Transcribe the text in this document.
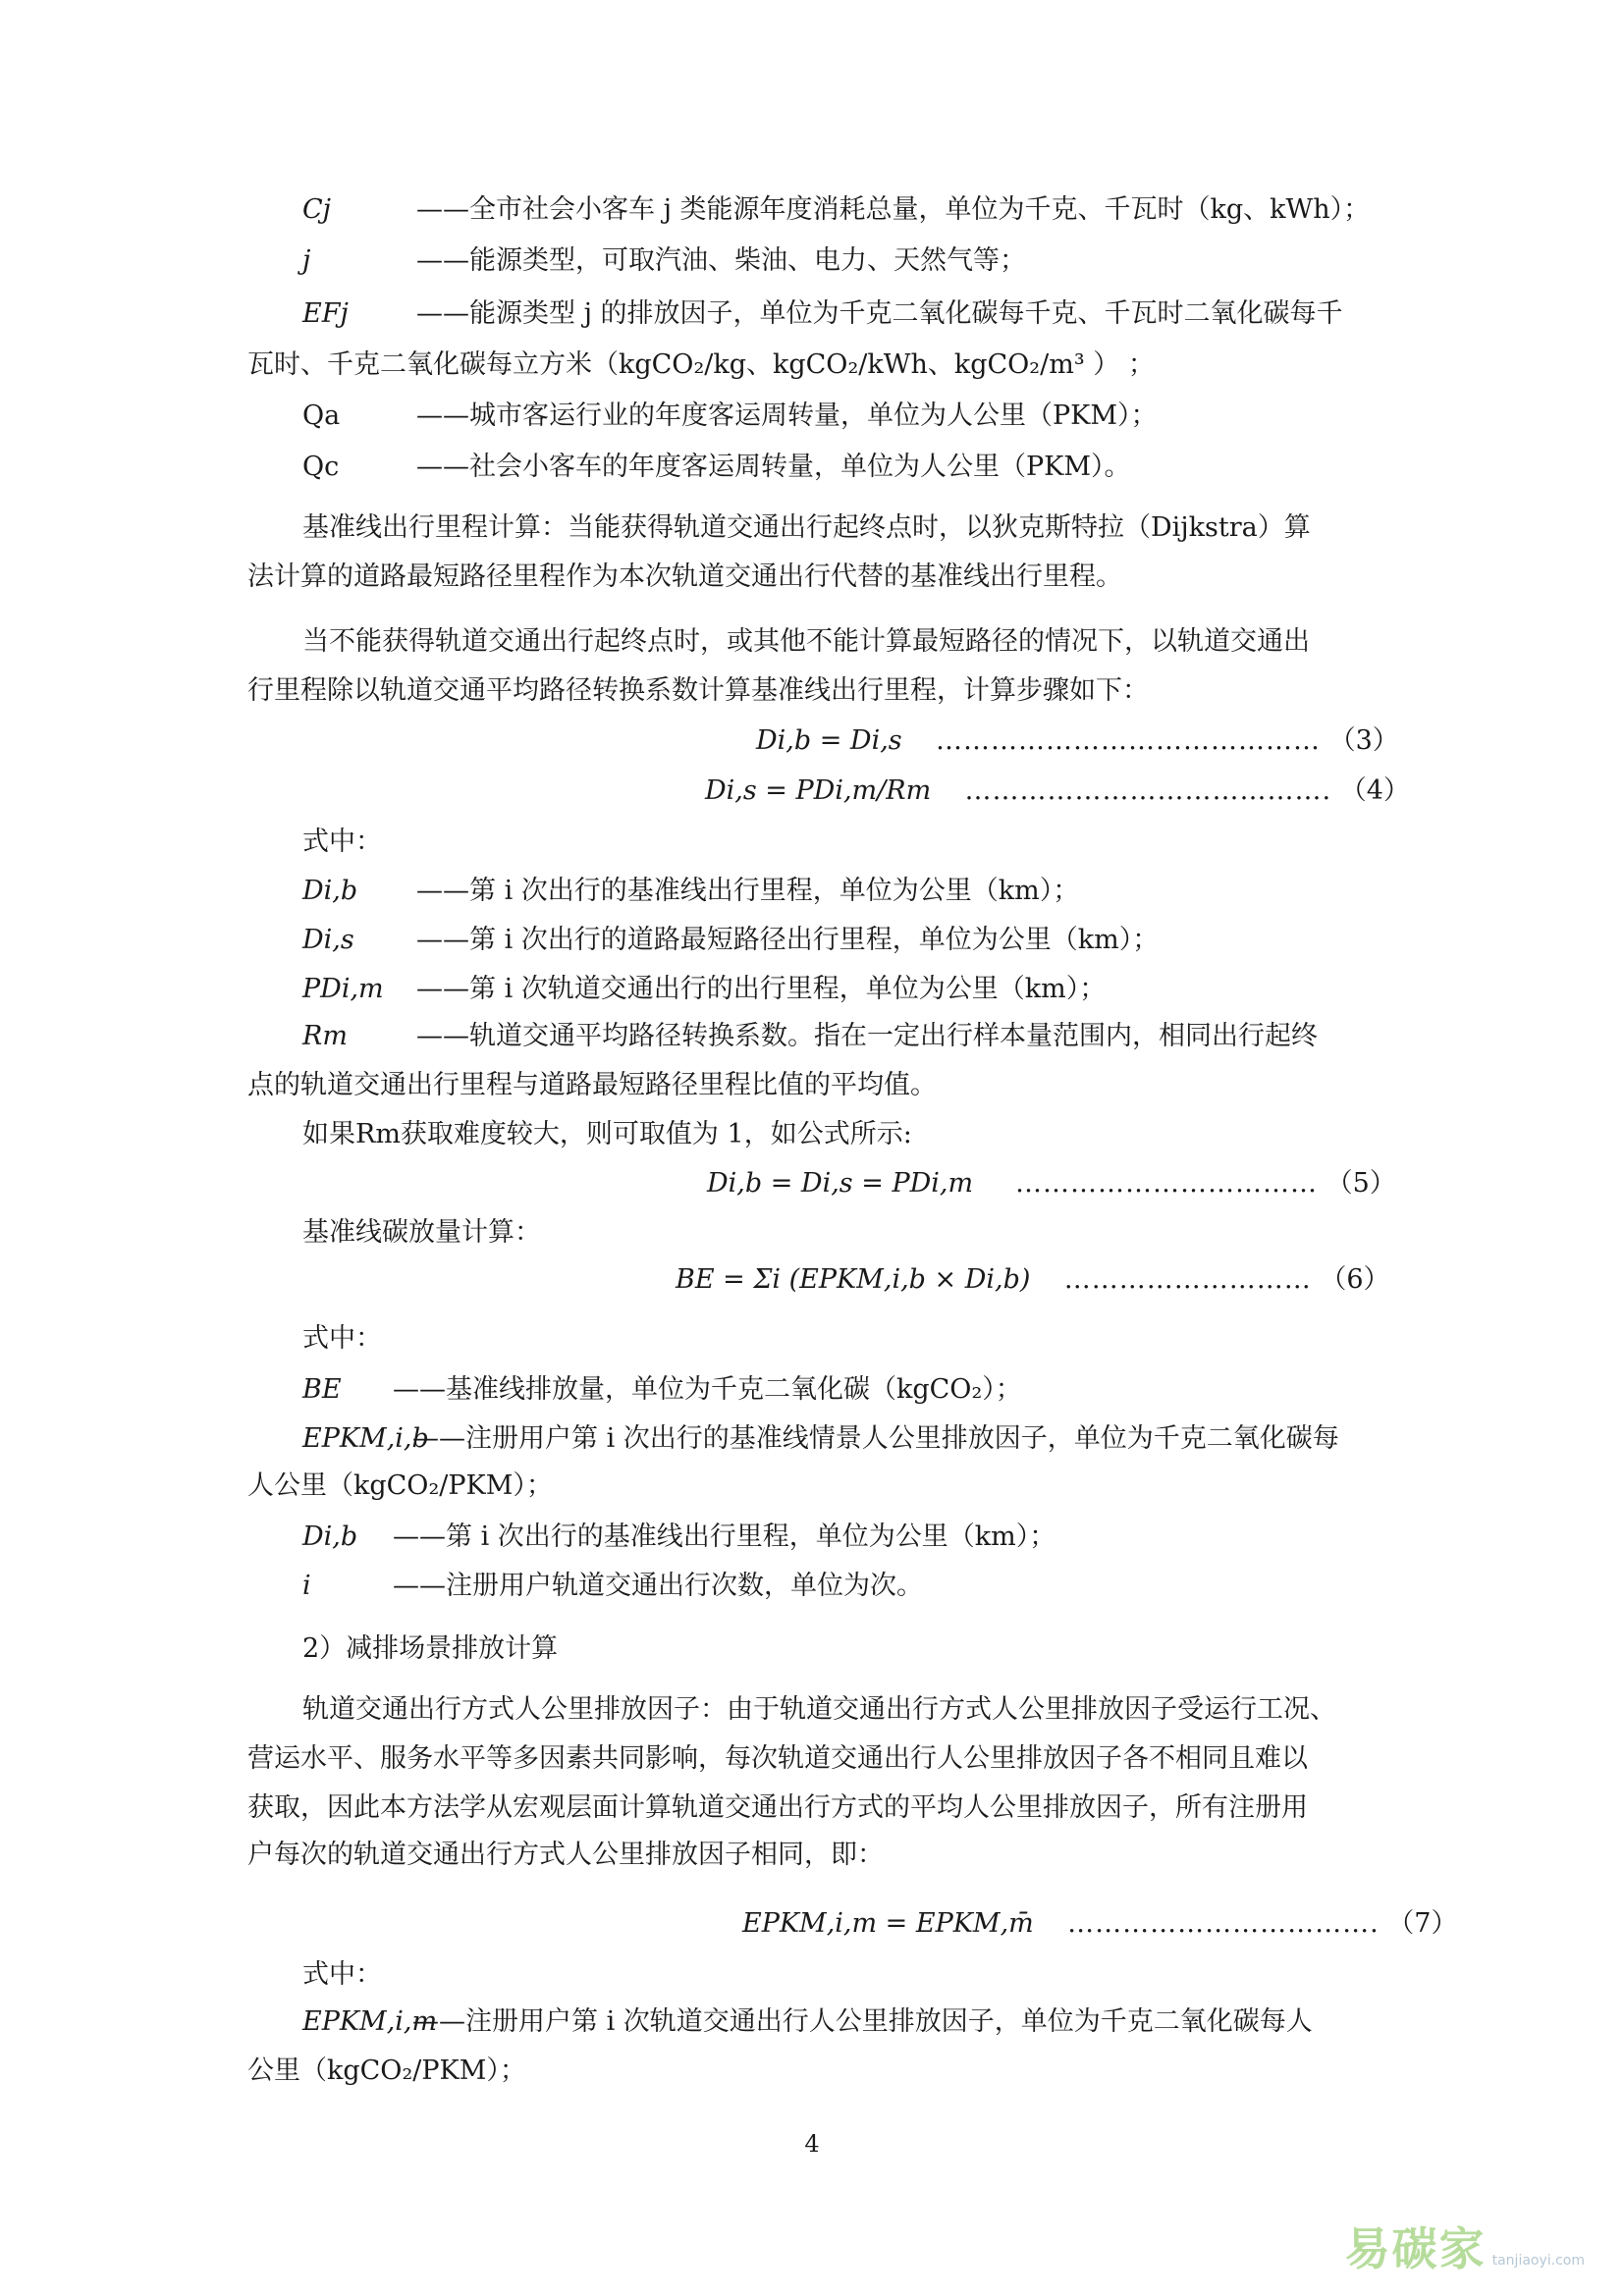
Cj	——全市社会小客车 j 类能源年度消耗总量，单位为千克、千瓦时（kg、kWh）；
j	——能源类型，可取汽油、柴油、电力、天然气等；
EFj	——能源类型 j 的排放因子，单位为千克二氧化碳每千克、千瓦时二氧化碳每千
瓦时、千克二氧化碳每立方米（kgCO₂/kg、kgCO₂/kWh、kgCO₂/m³ ） ；
Qa	——城市客运行业的年度客运周转量，单位为人公里（PKM）；
Qc	——社会小客车的年度客运周转量，单位为人公里（PKM）。
基准线出行里程计算：当能获得轨道交通出行起终点时，以狄克斯特拉（Dijkstra）算
法计算的道路最短路径里程作为本次轨道交通出行代替的基准线出行里程。
当不能获得轨道交通出行起终点时，或其他不能计算最短路径的情况下，以轨道交通出
行里程除以轨道交通平均路径转换系数计算基准线出行里程，计算步骤如下：
Di,b = Di,s …………………………………… （3）
Di,s = PDi,m/Rm …………………………………. （4）
式中：
Di,b ——第 i 次出行的基准线出行里程，单位为公里（km）；
Di,s ——第 i 次出行的道路最短路径出行里程，单位为公里（km）；
PDi,m ——第 i 次轨道交通出行的出行里程，单位为公里（km）；
Rm	——轨道交通平均路径转换系数。指在一定出行样本量范围内，相同出行起终
点的轨道交通出行里程与道路最短路径里程比值的平均值。
如果Rm获取难度较大，则可取值为 1，如公式所示:
Di,b = Di,s = PDi,m …………………………… （5）
基准线碳放量计算：
BE = Σi (EPKM,i,b × Di,b) ……………………… （6）
式中：
BE ——基准线排放量，单位为千克二氧化碳（kgCO₂）；
EPKM,i,b
——注册用户第 i 次出行的基准线情景人公里排放因子，单位为千克二氧化碳每
人公里（kgCO₂/PKM）；
Di,b ——第 i 次出行的基准线出行里程，单位为公里（km）；
i	——注册用户轨道交通出行次数，单位为次。
2）减排场景排放计算
轨道交通出行方式人公里排放因子：由于轨道交通出行方式人公里排放因子受运行工况、
营运水平、服务水平等多因素共同影响，每次轨道交通出行人公里排放因子各不相同且难以
获取，因此本方法学从宏观层面计算轨道交通出行方式的平均人公里排放因子，所有注册用
户每次的轨道交通出行方式人公里排放因子相同，即：
EPKM,i,m = EPKM,m̄ ……………………………. （7）
式中：
EPKM,i,m
——注册用户第 i 次轨道交通出行人公里排放因子，单位为千克二氧化碳每人
公里（kgCO₂/PKM）；
4
易碳家 tanjiaoyi.com
